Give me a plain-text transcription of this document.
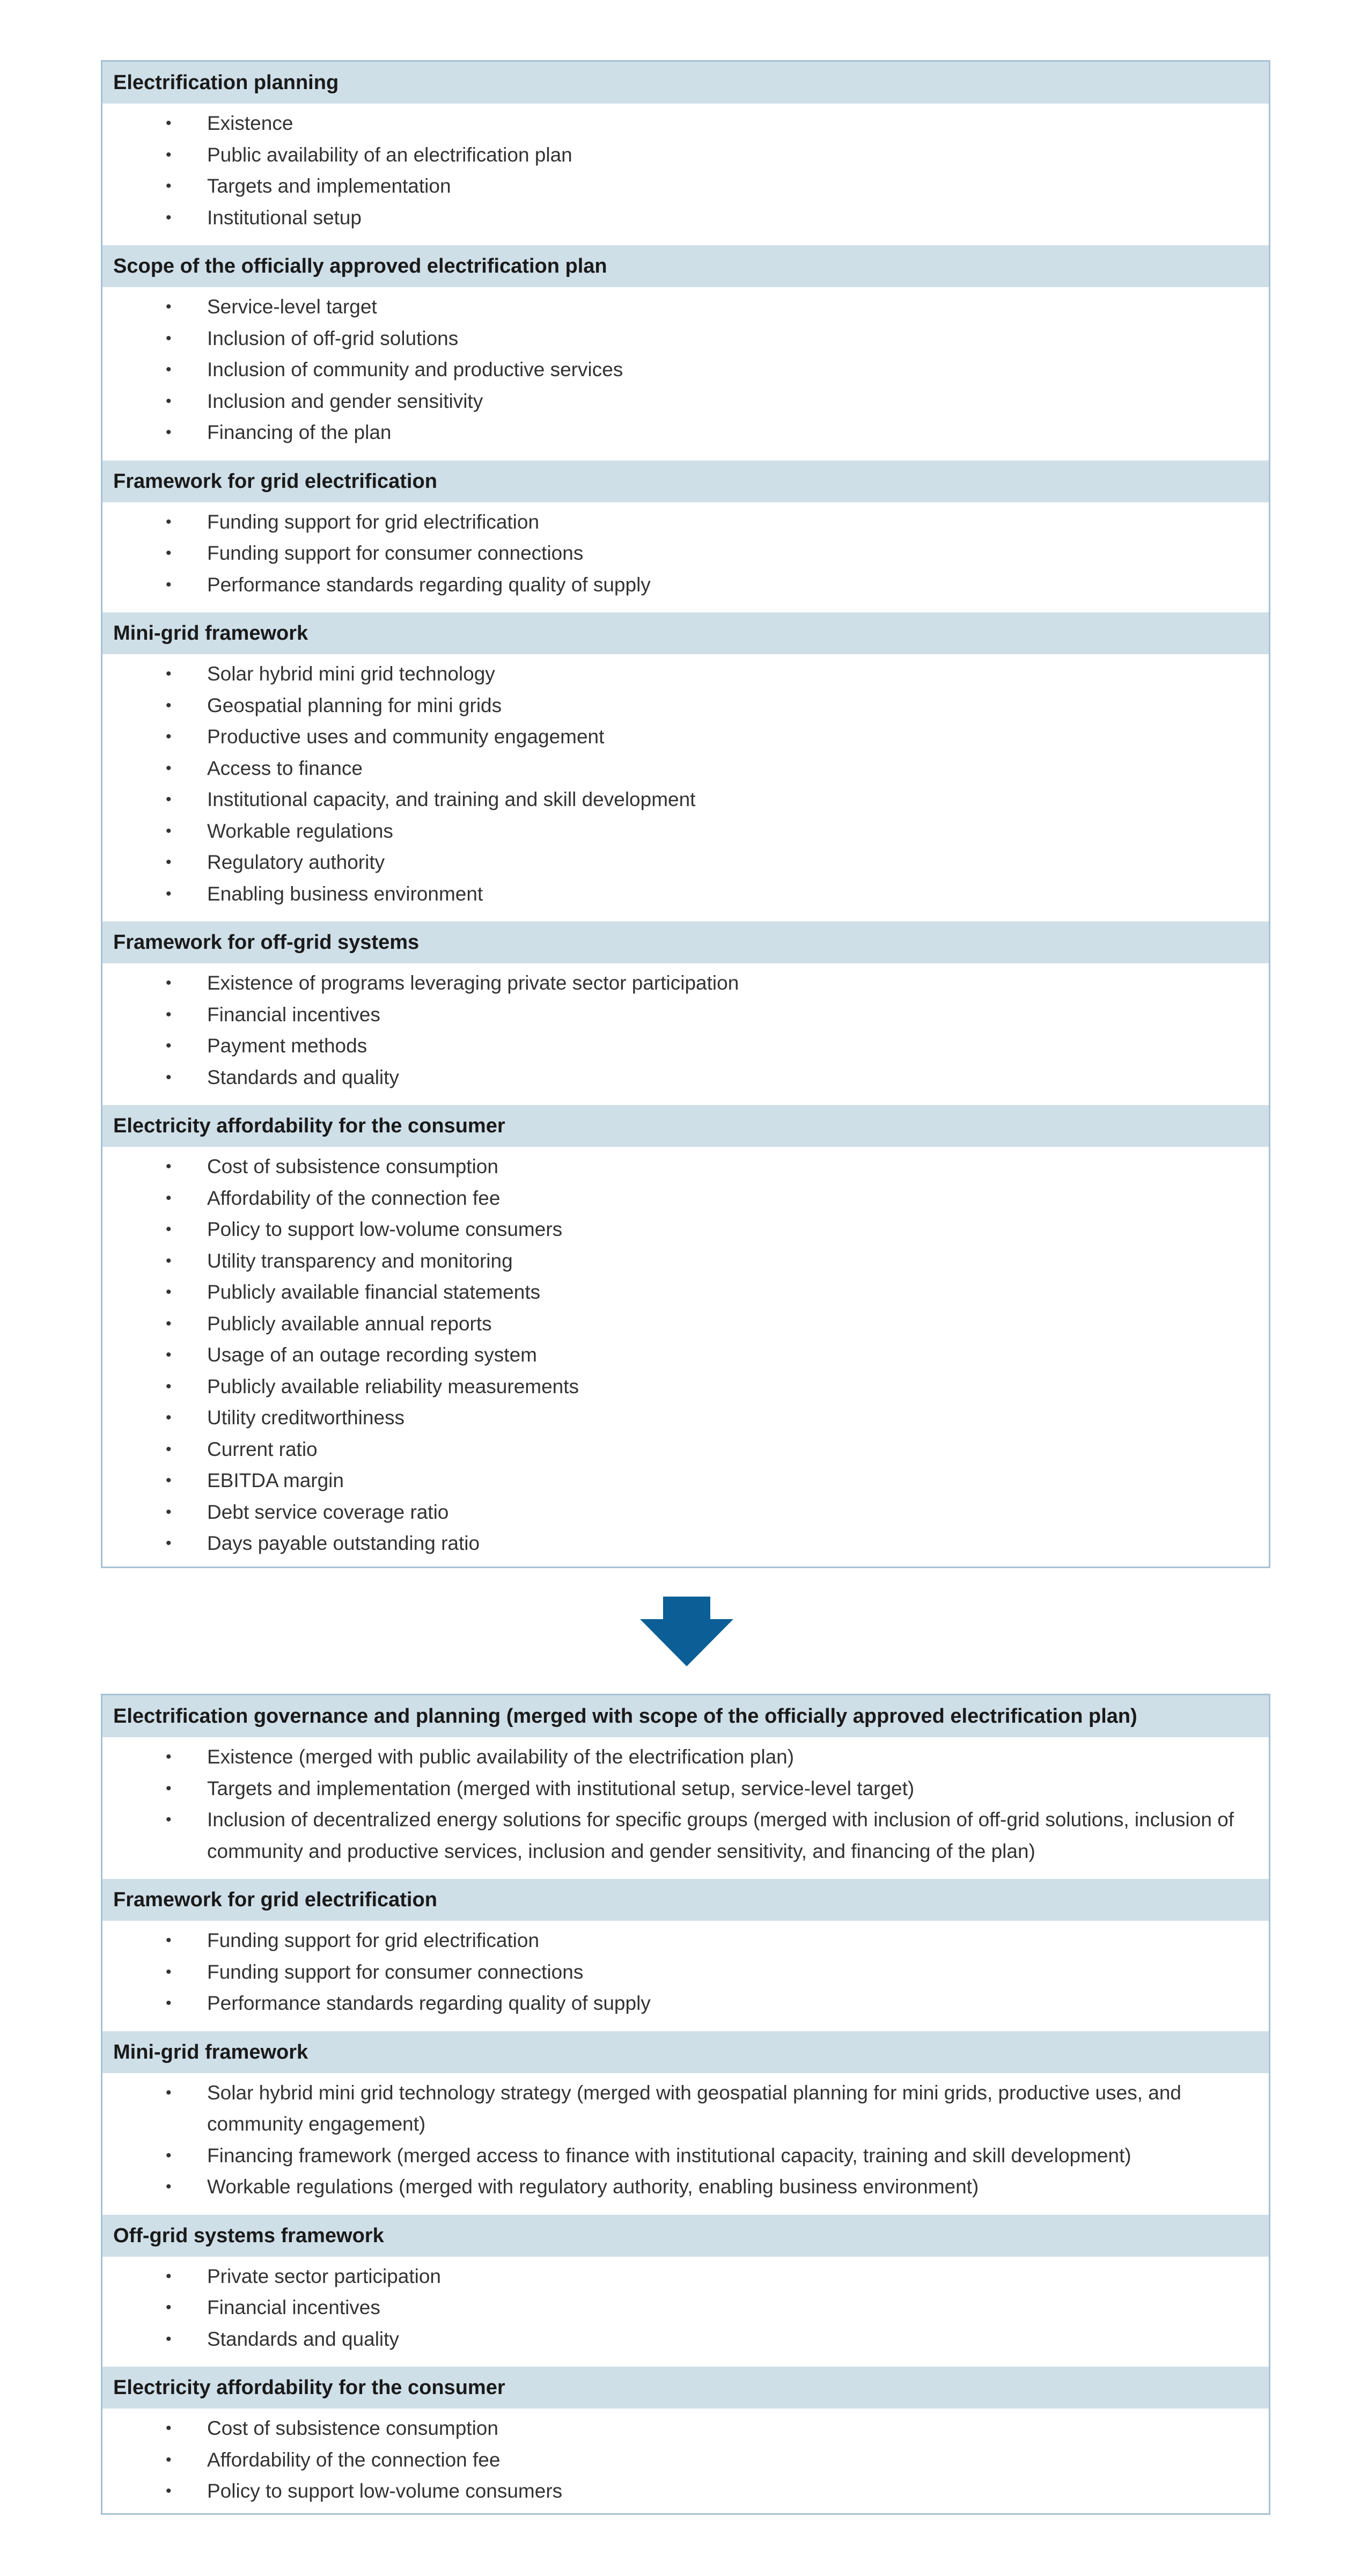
Electrification planning
• Existence
• Public availability of an electrification plan
• Targets and implementation
• Institutional setup
Scope of the officially approved electrification plan
• Service-level target
• Inclusion of off-grid solutions
• Inclusion of community and productive services
• Inclusion and gender sensitivity
• Financing of the plan
Framework for grid electrification
• Funding support for grid electrification
• Funding support for consumer connections
• Performance standards regarding quality of supply
Mini-grid framework
• Solar hybrid mini grid technology
• Geospatial planning for mini grids
• Productive uses and community engagement
• Access to finance
• Institutional capacity, and training and skill development
• Workable regulations
• Regulatory authority
• Enabling business environment
Framework for off-grid systems
• Existence of programs leveraging private sector participation
• Financial incentives
• Payment methods
• Standards and quality
Electricity affordability for the consumer
• Cost of subsistence consumption
• Affordability of the connection fee
• Policy to support low-volume consumers
• Utility transparency and monitoring
• Publicly available financial statements
• Publicly available annual reports
• Usage of an outage recording system
• Publicly available reliability measurements
• Utility creditworthiness
• Current ratio
• EBITDA margin
• Debt service coverage ratio
• Days payable outstanding ratio
Electrification governance and planning (merged with scope of the officially approved electrification plan)
• Existence (merged with public availability of the electrification plan)
• Targets and implementation (merged with institutional setup, service-level target)
• Inclusion of decentralized energy solutions for specific groups (merged with inclusion of off-grid solutions, inclusion of community and productive services, inclusion and gender sensitivity, and financing of the plan)
Framework for grid electrification
• Funding support for grid electrification
• Funding support for consumer connections
• Performance standards regarding quality of supply
Mini-grid framework
• Solar hybrid mini grid technology strategy (merged with geospatial planning for mini grids, productive uses, and community engagement)
• Financing framework (merged access to finance with institutional capacity, training and skill development)
• Workable regulations (merged with regulatory authority, enabling business environment)
Off-grid systems framework
• Private sector participation
• Financial incentives
• Standards and quality
Electricity affordability for the consumer
• Cost of subsistence consumption
• Affordability of the connection fee
• Policy to support low-volume consumers
